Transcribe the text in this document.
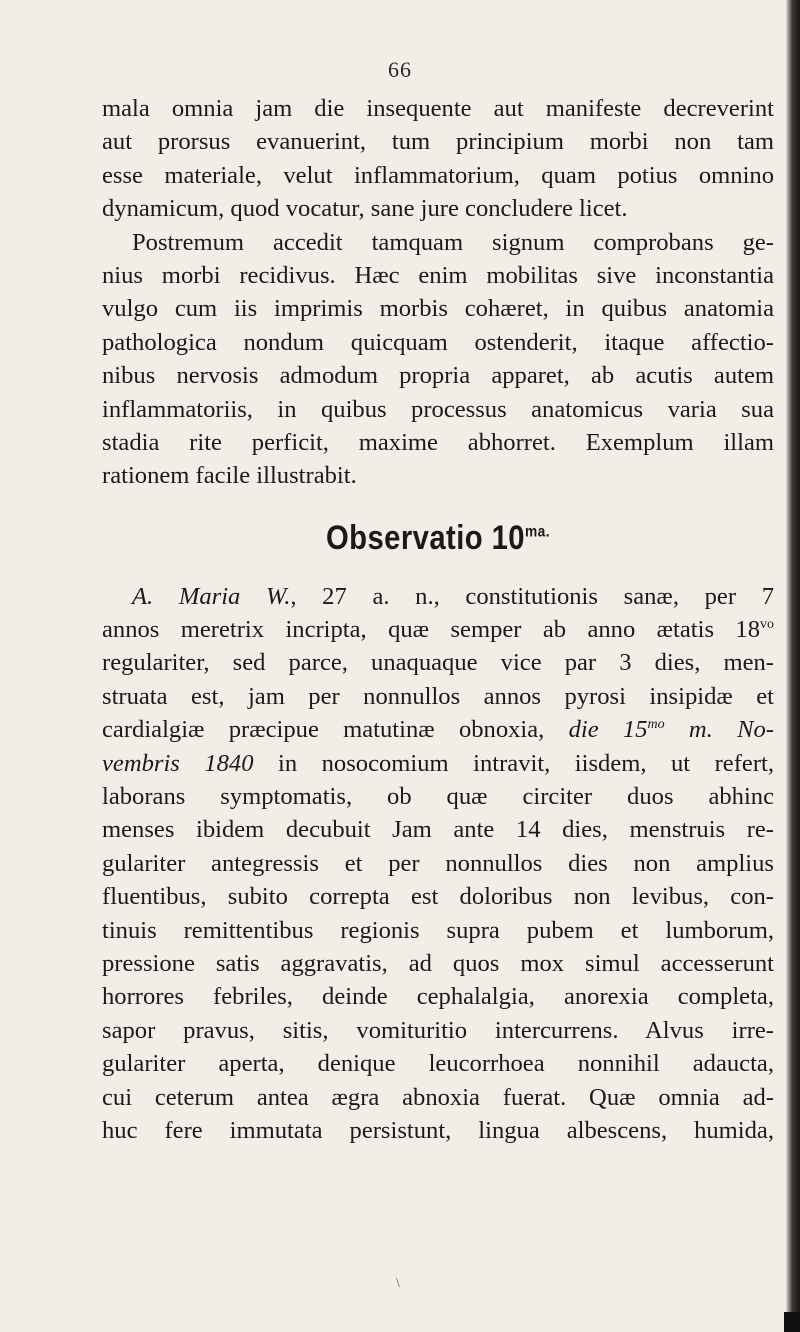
66
mala omnia jam die insequente aut manifeste decreverint
aut prorsus evanuerint, tum principium morbi non tam
esse materiale, velut inflammatorium, quam potius omnino
dynamicum, quod vocatur, sane jure concludere licet.
Postremum accedit tamquam signum comprobans ge-
nius morbi recidivus. Hæc enim mobilitas sive inconstantia
vulgo cum iis imprimis morbis cohæret, in quibus anatomia
pathologica nondum quicquam ostenderit, itaque affectio-
nibus nervosis admodum propria apparet, ab acutis autem
inflammatoriis, in quibus processus anatomicus varia sua
stadia rite perficit, maxime abhorret. Exemplum illam
rationem facile illustrabit.
Observatio $10^{ma.}$
A. Maria W., 27 a. n., constitutionis sanæ, per 7
annos meretrix incripta, quæ semper ab anno ætatis $18^{vo}$
regulariter, sed parce, unaquaque vice par 3 dies, men-
struata est, jam per nonnullos annos pyrosi insipidæ et
cardialgiæ præcipue matutinæ obnoxia, die $15^{mo}$ m. No-
vembris 1840 in nosocomium intravit, iisdem, ut refert,
laborans symptomatis, ob quæ circiter duos abhinc
menses ibidem decubuit Jam ante 14 dies, menstruis re-
gulariter antegressis et per nonnullos dies non amplius
fluentibus, subito correpta est doloribus non levibus, con-
tinuis remittentibus regionis supra pubem et lumborum,
pressione satis aggravatis, ad quos mox simul accesserunt
horrores febriles, deinde cephalalgia, anorexia completa,
sapor pravus, sitis, vomituritio intercurrens. Alvus irre-
gulariter aperta, denique leucorrhoea nonnihil adaucta,
cui ceterum antea ægra abnoxia fuerat. Quæ omnia ad-
huc fere immutata persistunt, lingua albescens, humida,
\
